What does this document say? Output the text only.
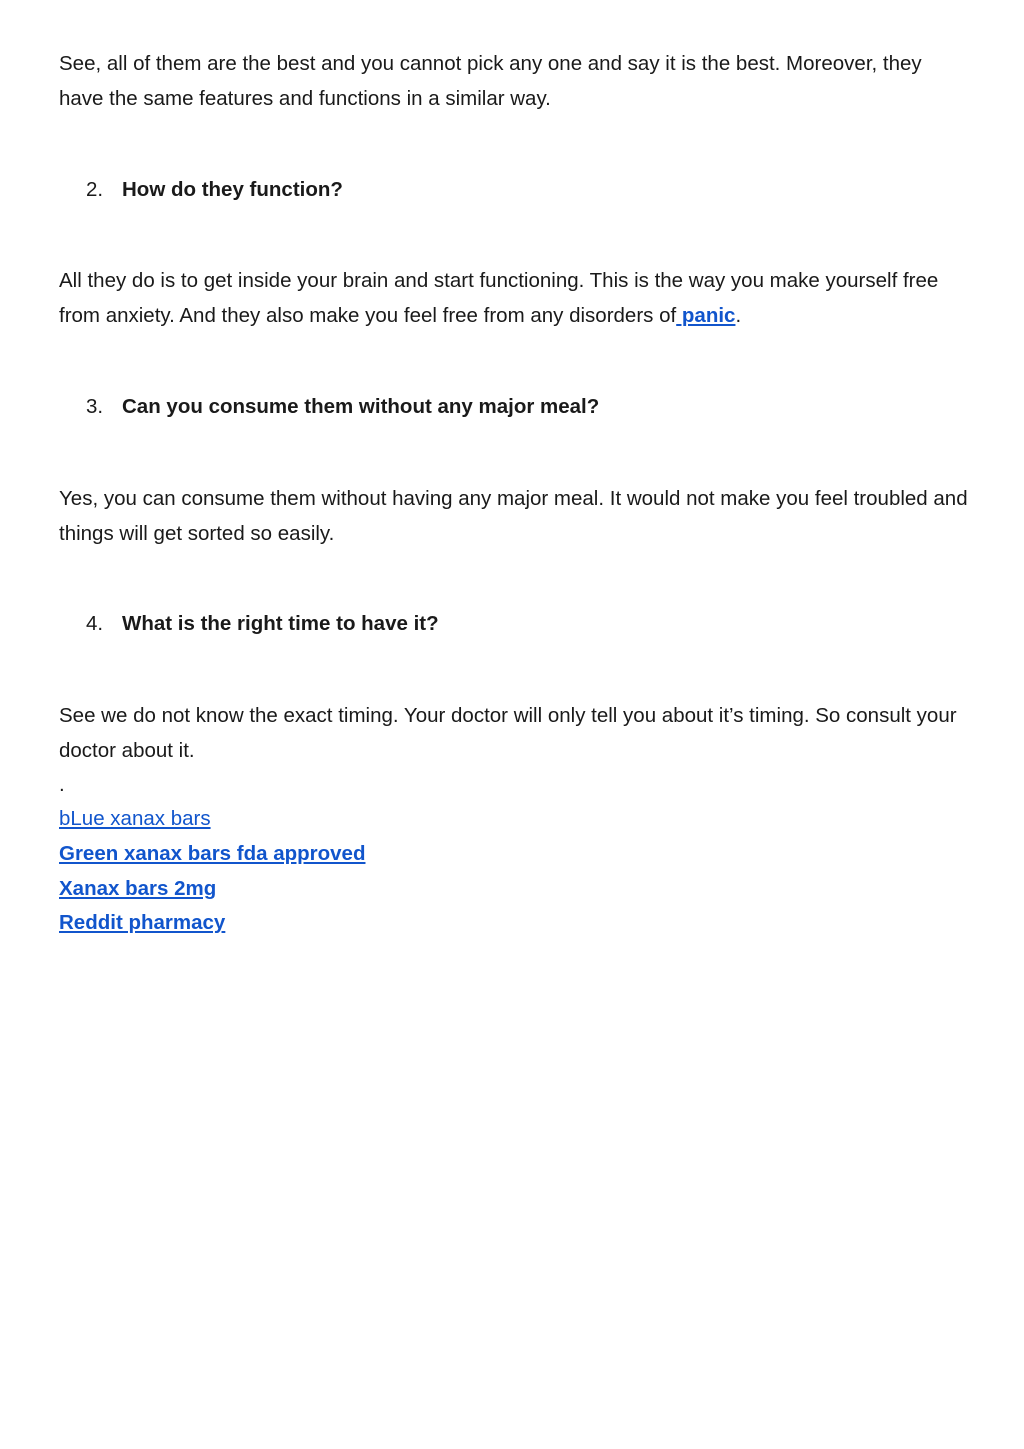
See, all of them are the best and you cannot pick any one and say it is the best. Moreover, they have the same features and functions in a similar way.

2. How do they function?

All they do is to get inside your brain and start functioning. This is the way you make yourself free from anxiety. And they also make you feel free from any disorders of panic.

3. Can you consume them without any major meal?

Yes, you can consume them without having any major meal. It would not make you feel troubled and things will get sorted so easily.

4. What is the right time to have it?

See we do not know the exact timing. Your doctor will only tell you about it’s timing. So consult your doctor about it.

.

bLue xanax bars
Green xanax bars fda approved
Xanax bars 2mg
Reddit pharmacy
